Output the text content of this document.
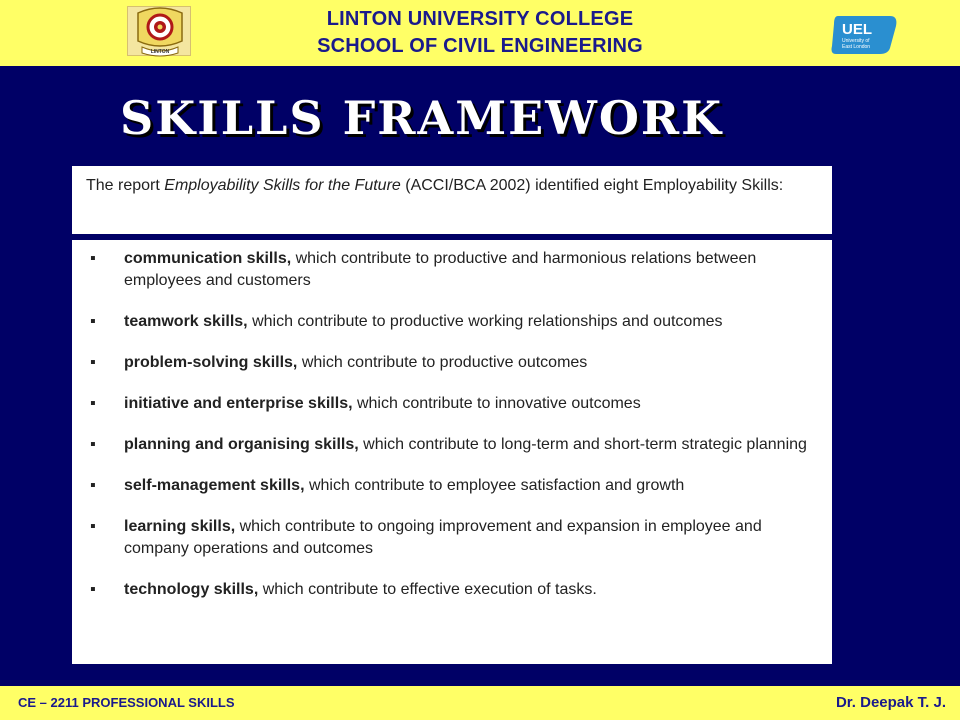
LINTON
LINTON UNIVERSITY COLLEGE
SCHOOL OF CIVIL ENGINEERING
UEL
University of
East London
SKILLS FRAMEWORK
The report Employability Skills for the Future (ACCI/BCA 2002) identified eight Employability Skills:
▪	communication skills, which contribute to productive and harmonious relations between employees and customers
▪	teamwork skills, which contribute to productive working relationships and outcomes
▪	problem-solving skills, which contribute to productive outcomes
▪	initiative and enterprise skills, which contribute to innovative outcomes
▪	planning and organising skills, which contribute to long-term and short-term strategic planning
▪	self-management skills, which contribute to employee satisfaction and growth
▪	learning skills, which contribute to ongoing improvement and expansion in employee and company operations and outcomes
▪	technology skills, which contribute to effective execution of tasks.
CE – 2211 PROFESSIONAL SKILLS	Dr. Deepak T. J.
